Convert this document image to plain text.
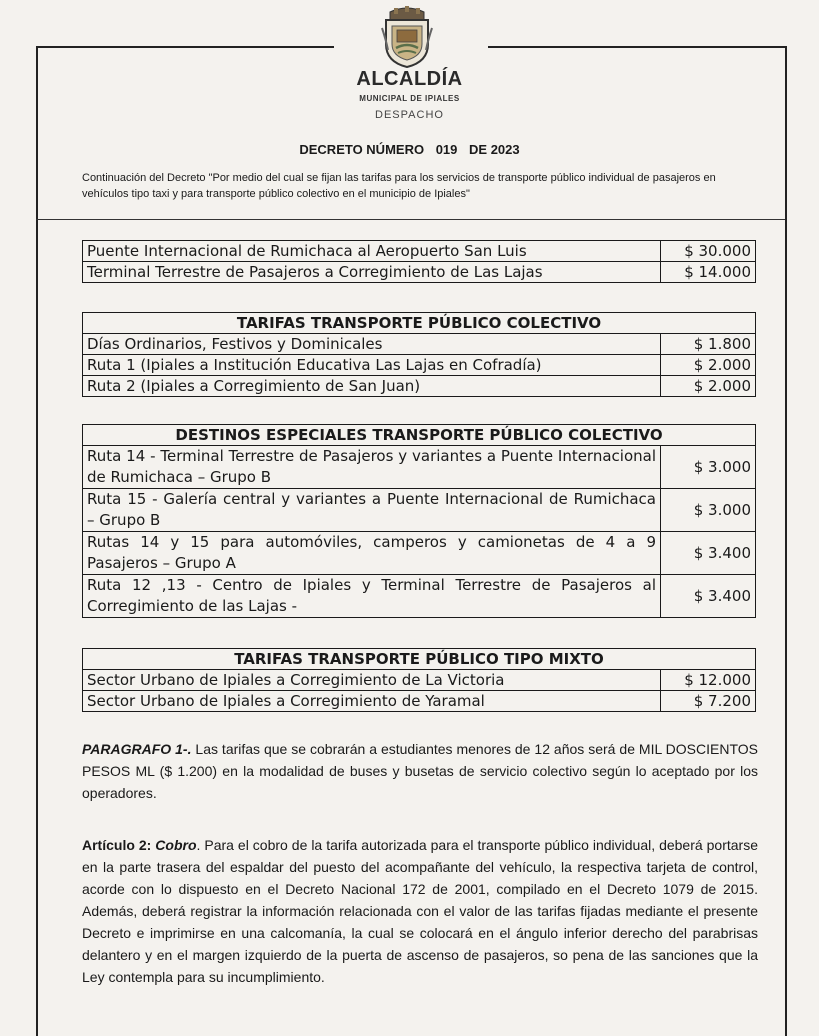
ALCALDÍA
MUNICIPAL DE IPIALES
DESPACHO
DECRETO NÚMERO 019 DE 2023
Continuación del Decreto "Por medio del cual se fijan las tarifas para los servicios de transporte público individual de pasajeros en vehículos tipo taxi y para transporte público colectivo en el municipio de Ipiales"
Puente Internacional de Rumichaca al Aeropuerto San Luis	$ 30.000
Terminal Terrestre de Pasajeros a Corregimiento de Las Lajas	$ 14.000
TARIFAS TRANSPORTE PÚBLICO COLECTIVO	
Días Ordinarios, Festivos y Dominicales	$ 1.800
Ruta 1 (Ipiales a Institución Educativa Las Lajas en Cofradía)	$ 2.000
Ruta 2 (Ipiales a Corregimiento de San Juan)	$ 2.000
DESTINOS ESPECIALES TRANSPORTE PÚBLICO COLECTIVO	
Ruta 14 - Terminal Terrestre de Pasajeros y variantes a Puente Internacional de Rumichaca – Grupo B	$ 3.000
Ruta 15 - Galería central y variantes a Puente Internacional de Rumichaca – Grupo B	$ 3.000
Rutas 14 y 15 para automóviles, camperos y camionetas de 4 a 9 Pasajeros – Grupo A	$ 3.400
Ruta 12 ,13 - Centro de Ipiales y Terminal Terrestre de Pasajeros al Corregimiento de las Lajas -	$ 3.400
TARIFAS TRANSPORTE PÚBLICO TIPO MIXTO	
Sector Urbano de Ipiales a Corregimiento de La Victoria	$ 12.000
Sector Urbano de Ipiales a Corregimiento de Yaramal	$ 7.200
PARAGRAFO 1-. Las tarifas que se cobrarán a estudiantes menores de 12 años será de MIL DOSCIENTOS PESOS ML ($ 1.200) en la modalidad de buses y busetas de servicio colectivo según lo aceptado por los operadores.
Artículo 2: Cobro. Para el cobro de la tarifa autorizada para el transporte público individual, deberá portarse en la parte trasera del espaldar del puesto del acompañante del vehículo, la respectiva tarjeta de control, acorde con lo dispuesto en el Decreto Nacional 172 de 2001, compilado en el Decreto 1079 de 2015. Además, deberá registrar la información relacionada con el valor de las tarifas fijadas mediante el presente Decreto e imprimirse en una calcomanía, la cual se colocará en el ángulo inferior derecho del parabrisas delantero y en el margen izquierdo de la puerta de ascenso de pasajeros, so pena de las sanciones que la Ley contempla para su incumplimiento.
